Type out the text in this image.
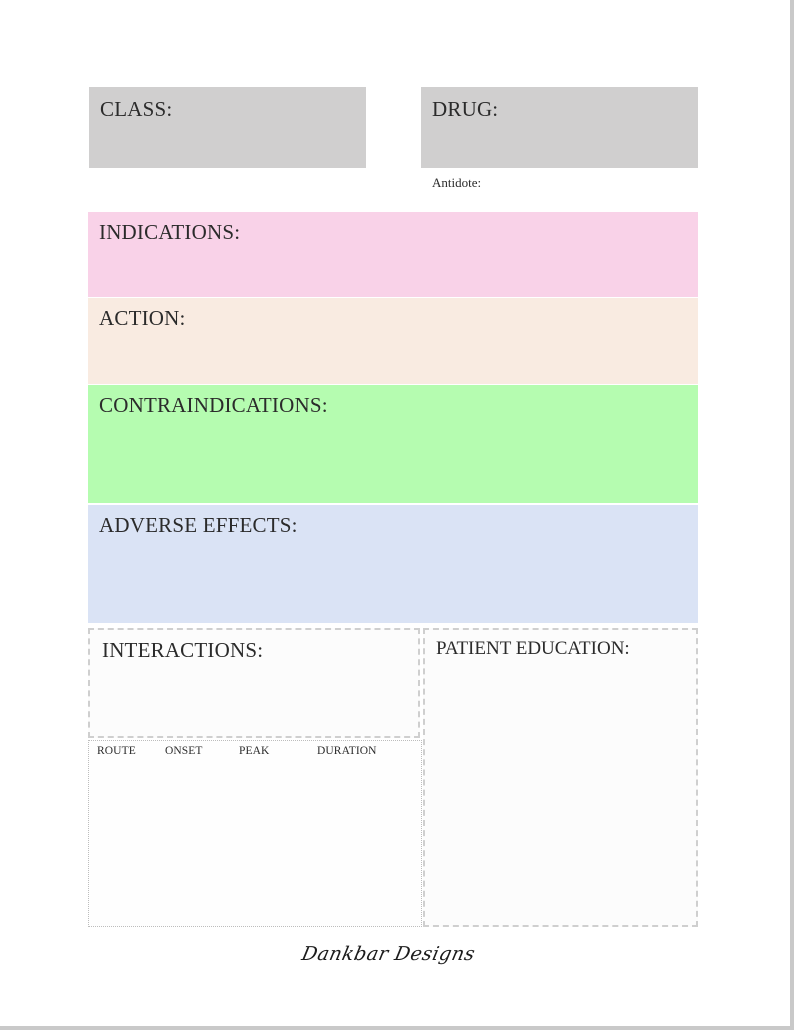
CLASS:	DRUG:
Antidote:
INDICATIONS:
ACTION:
CONTRAINDICATIONS:
ADVERSE EFFECTS:
INTERACTIONS:
ROUTE	ONSET	PEAK	DURATION
PATIENT EDUCATION:
Dankbar Designs
